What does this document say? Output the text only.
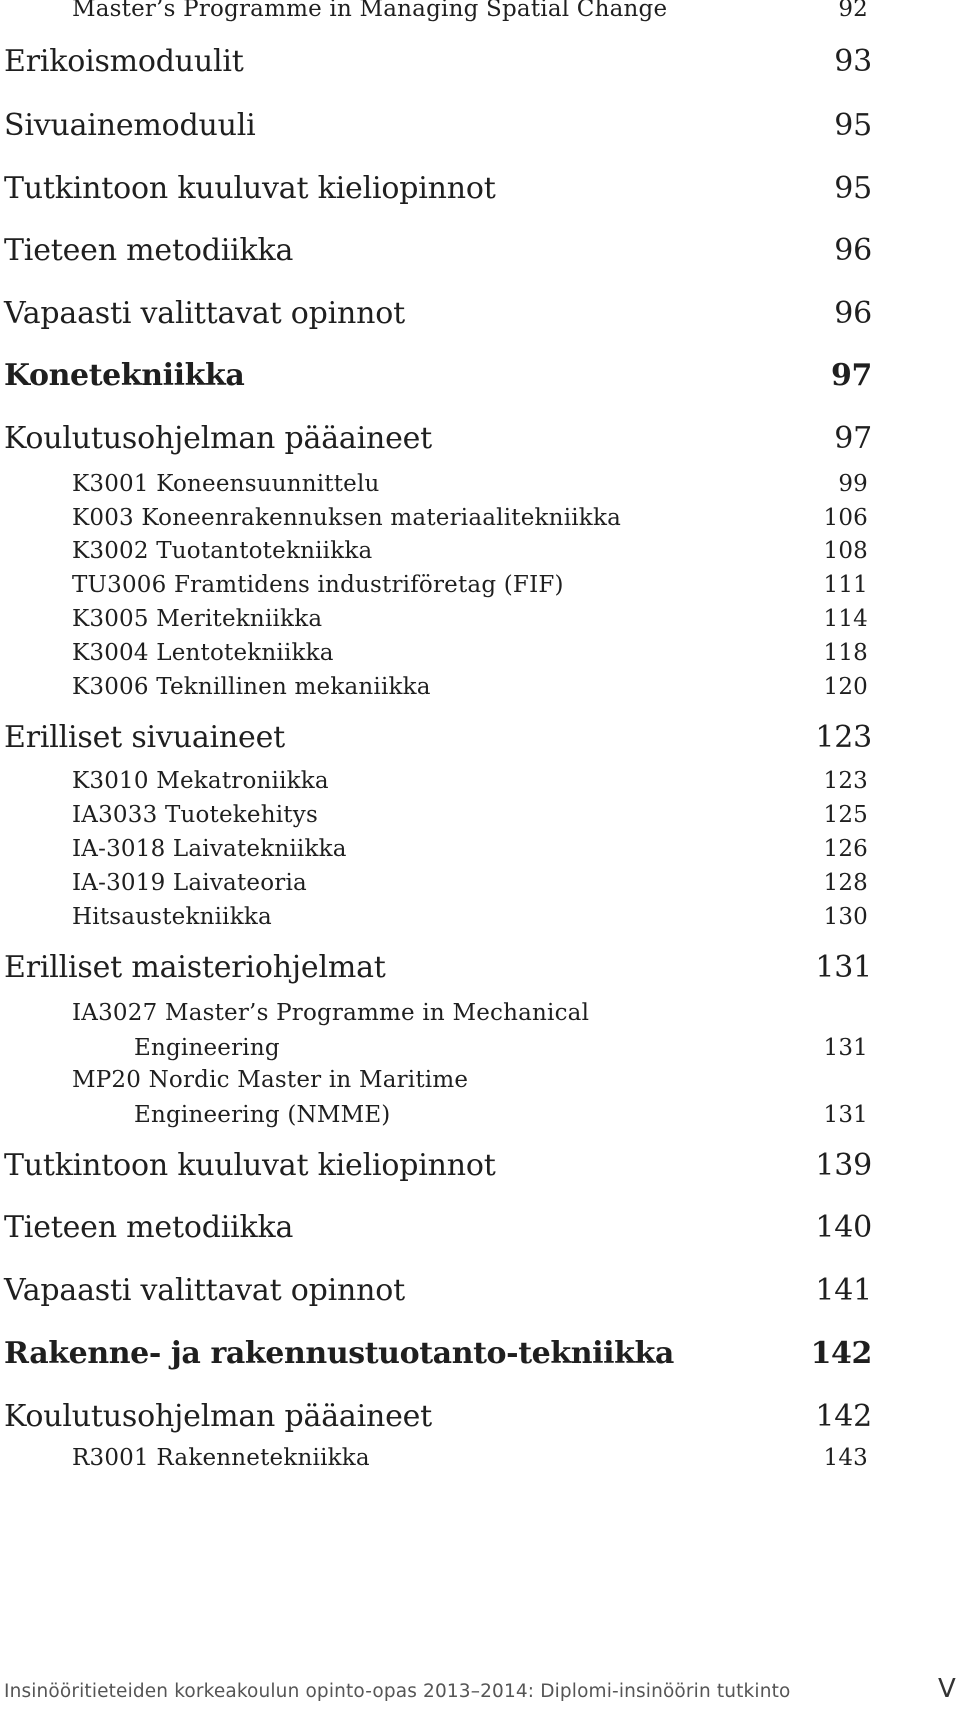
Master’s Programme in Managing Spatial Change	92
Erikoismoduulit	93
Sivuainemoduuli	95
Tutkintoon kuuluvat kieliopinnot	95
Tieteen metodiikka	96
Vapaasti valittavat opinnot	96
Konetekniikka	97
Koulutusohjelman pääaineet	97
K3001 Koneensuunnittelu	99
K003 Koneenrakennuksen materiaalitekniikka	106
K3002 Tuotantotekniikka	108
TU3006 Framtidens industriföretag (FIF)	111
K3005 Meritekniikka	114
K3004 Lentotekniikka	118
K3006 Teknillinen mekaniikka	120
Erilliset sivuaineet	123
K3010 Mekatroniikka	123
IA3033 Tuotekehitys	125
IA-3018 Laivatekniikka	126
IA-3019 Laivateoria	128
Hitsaustekniikka	130
Erilliset maisteriohjelmat	131
IA3027 Master’s Programme in Mechanical
Engineering	131
MP20 Nordic Master in Maritime
Engineering (NMME)	131
Tutkintoon kuuluvat kieliopinnot	139
Tieteen metodiikka	140
Vapaasti valittavat opinnot	141
Rakenne- ja rakennustuotanto-tekniikka	142
Koulutusohjelman pääaineet	142
R3001 Rakennetekniikka	143
Insinööritieteiden korkeakoulun opinto-opas 2013–2014: Diplomi-insinöörin tutkinto	V
